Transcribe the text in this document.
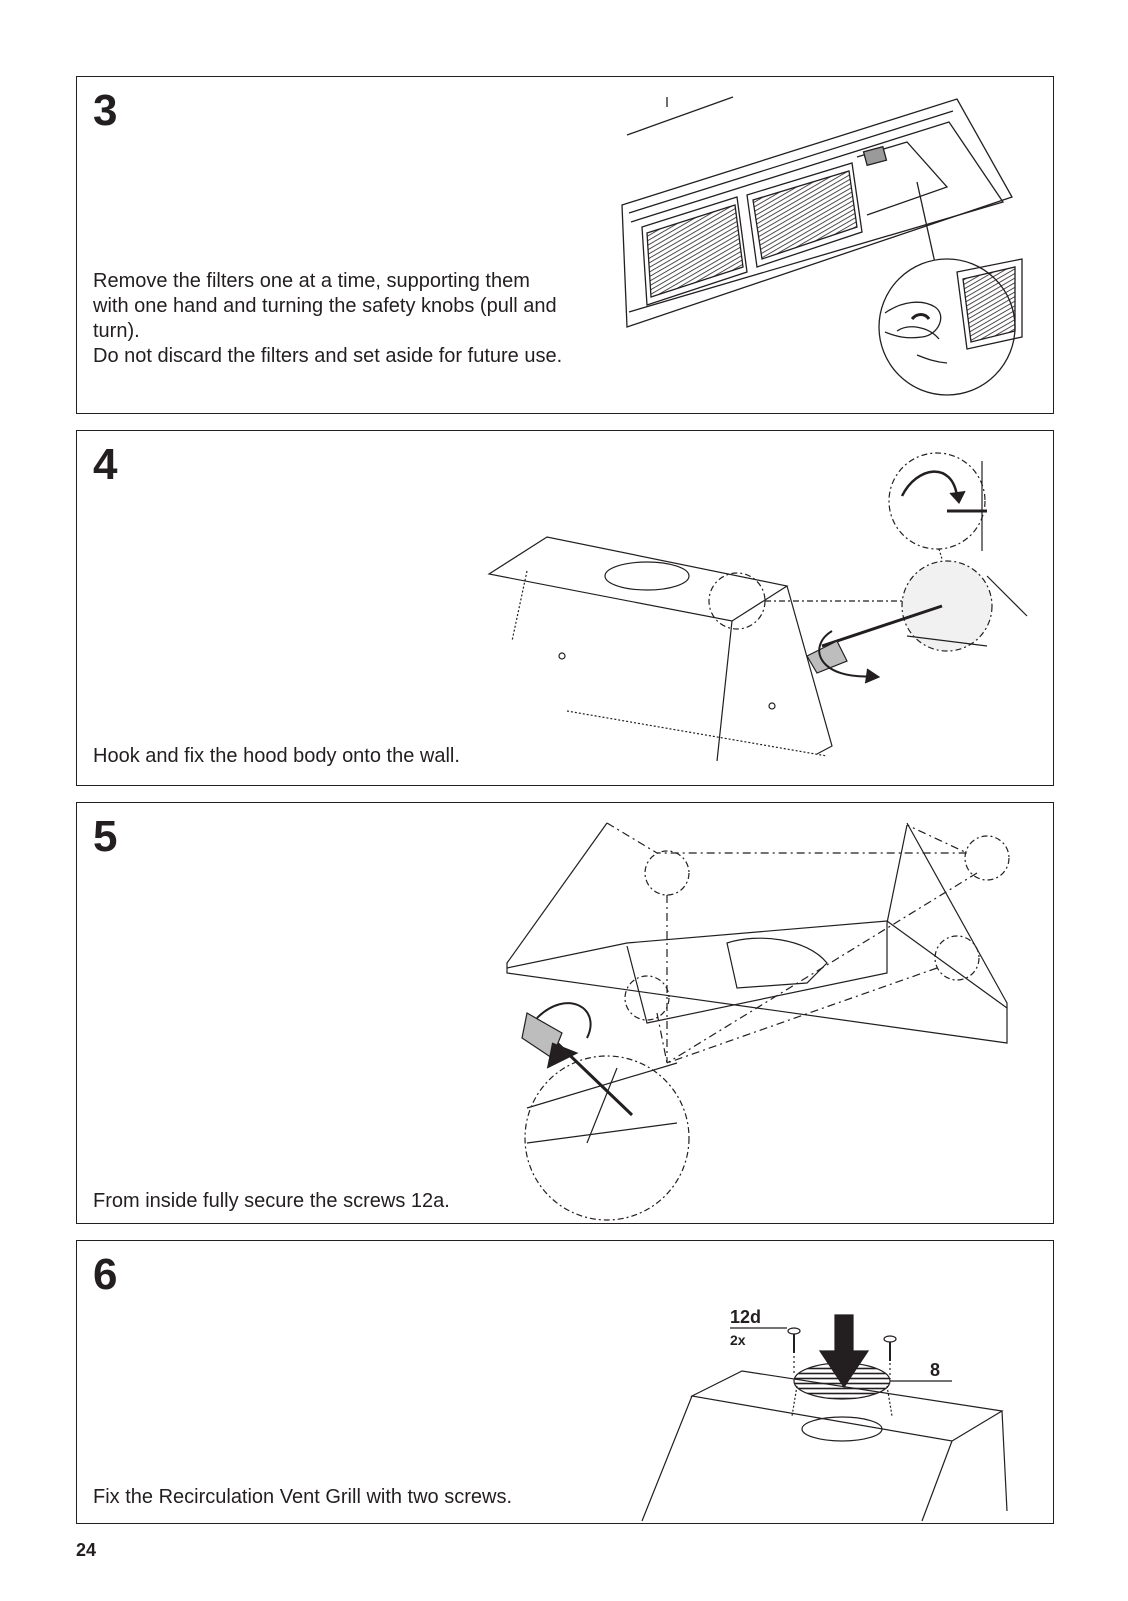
3

Remove the filters one at a time, supporting them with one hand and turning the safety knobs (pull and turn).

Do not discard the filters and set aside for future use.

4

Hook and fix the hood body onto the wall.

5

From inside fully secure the screws 12a.

6

Fix the Recirculation Vent Grill with two screws.

12d
2x
8
24
